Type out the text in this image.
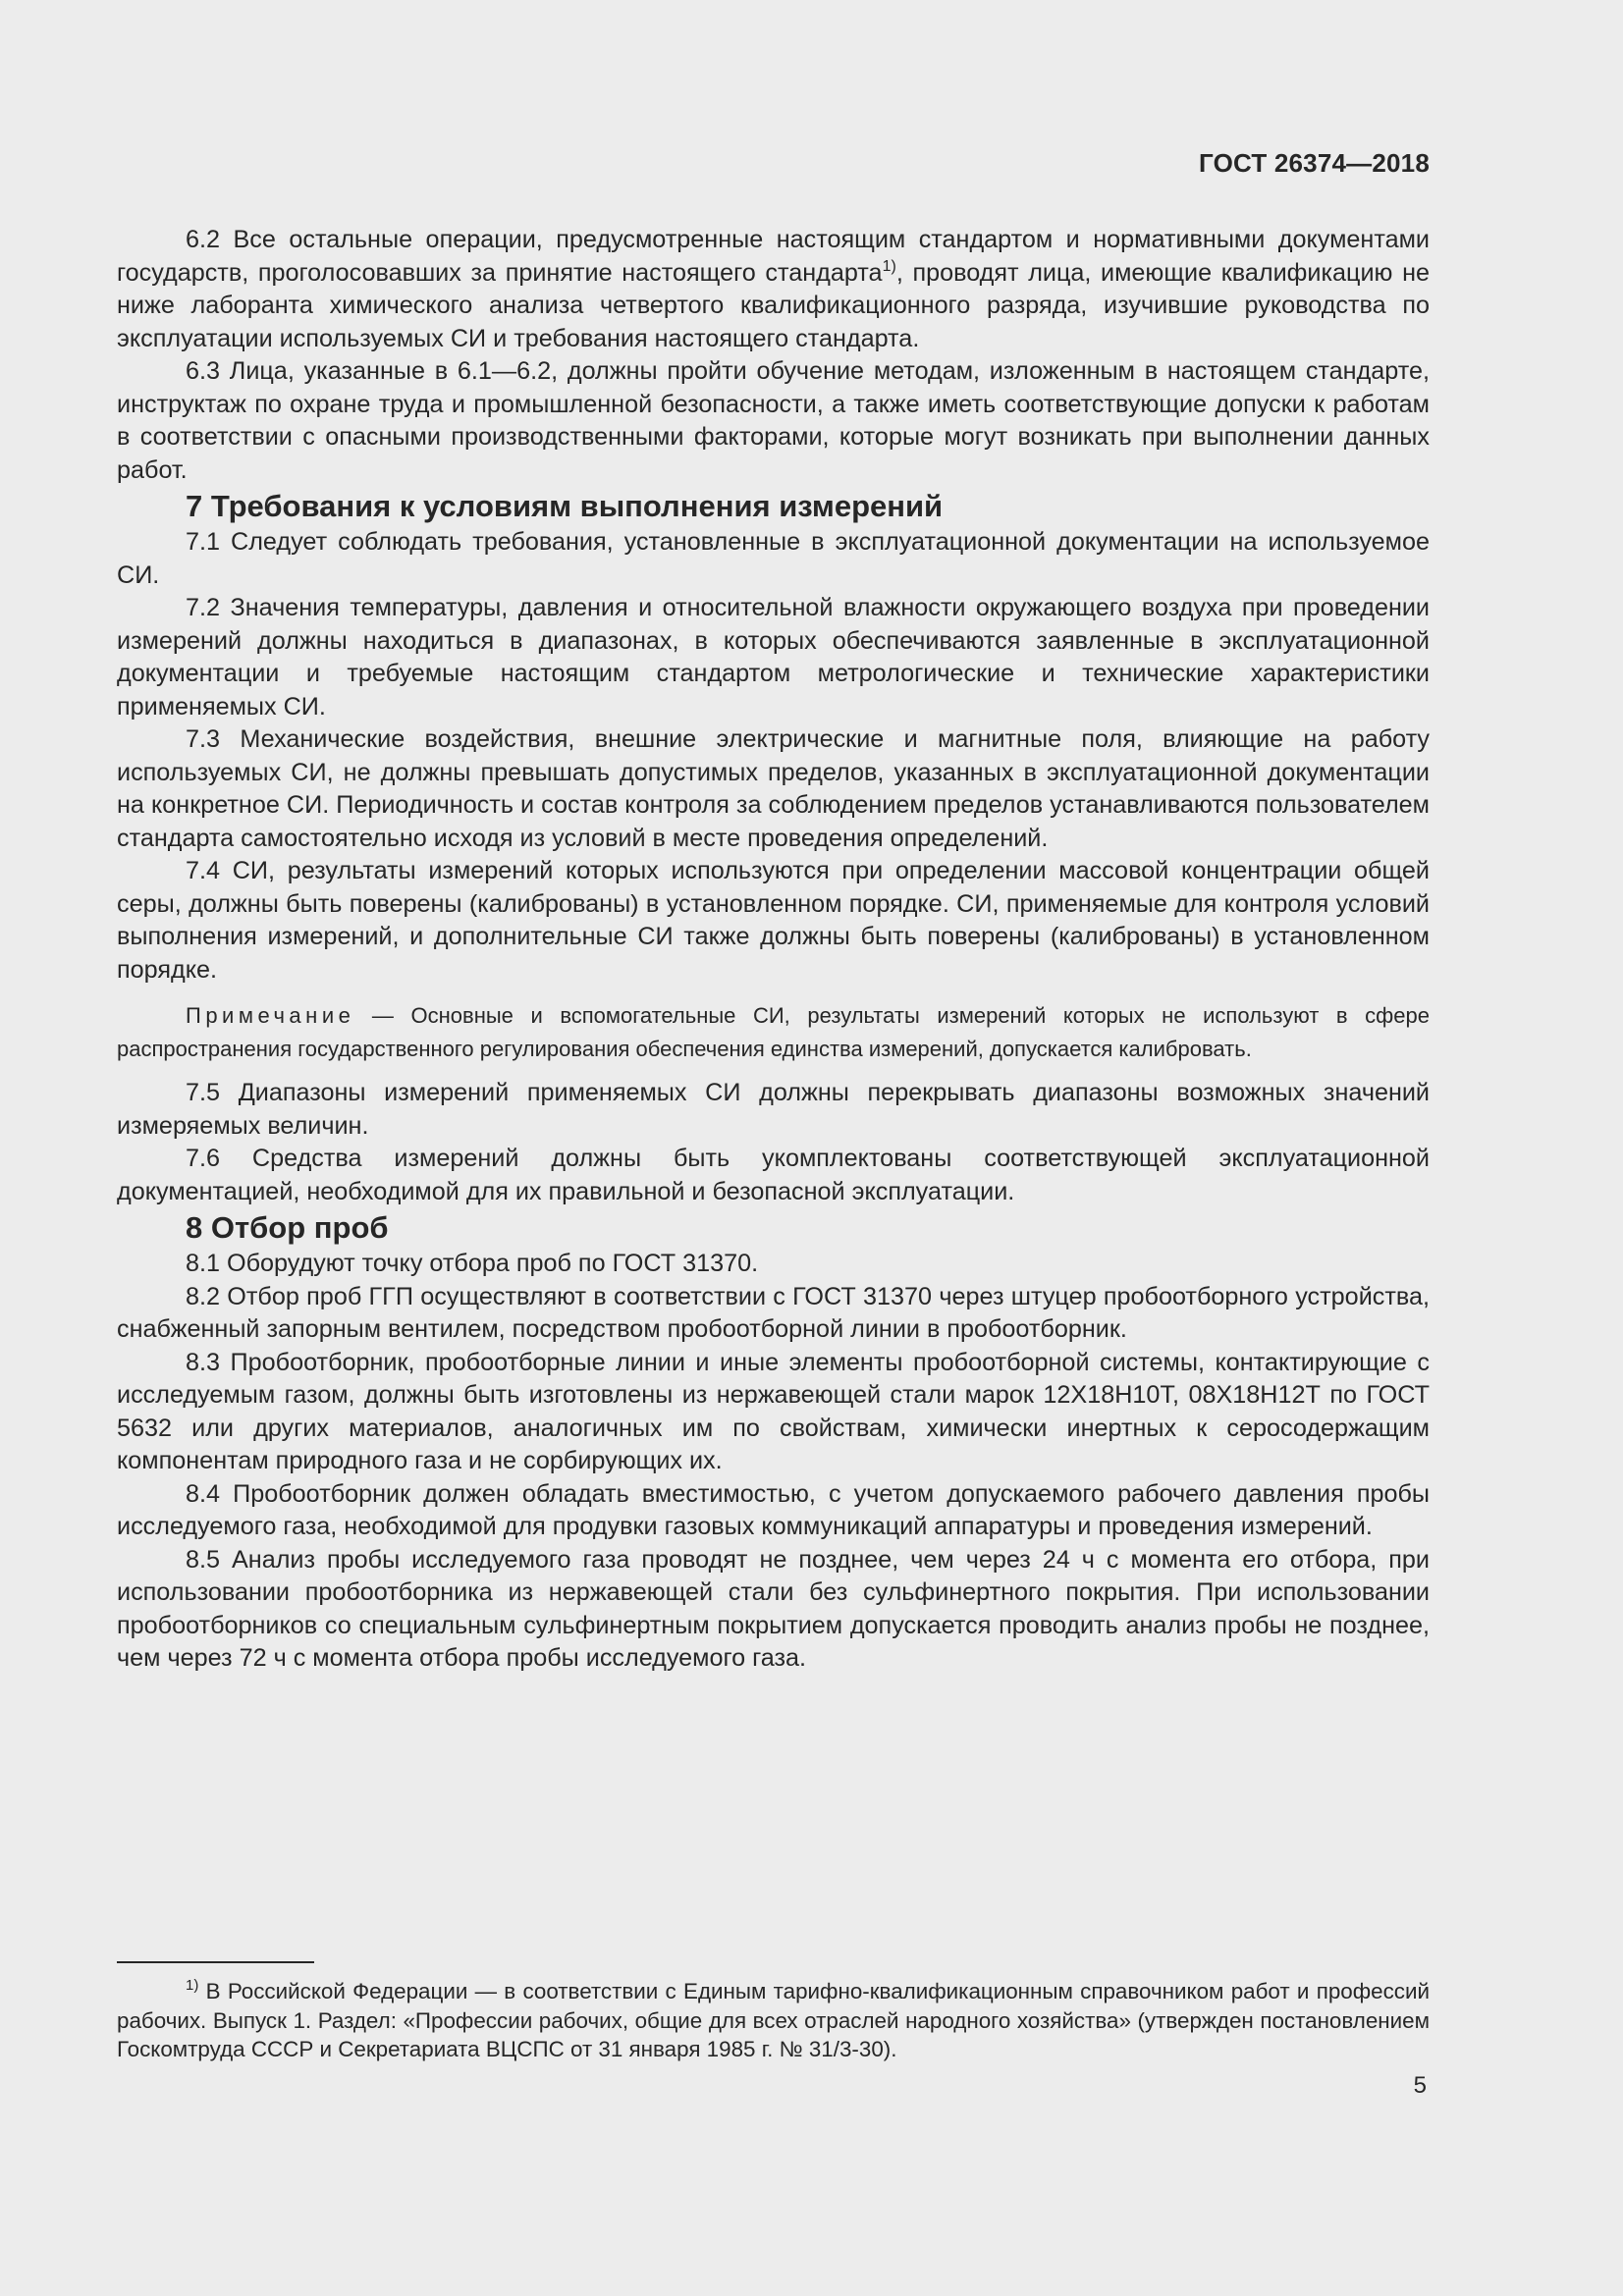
ГОСТ 26374—2018

6.2 Все остальные операции, предусмотренные настоящим стандартом и нормативными документами государств, проголосовавших за принятие настоящего стандарта$^{1)}$, проводят лица, имеющие квалификацию не ниже лаборанта химического анализа четвертого квалификационного разряда, изучившие руководства по эксплуатации используемых СИ и требования настоящего стандарта.

6.3 Лица, указанные в 6.1—6.2, должны пройти обучение методам, изложенным в настоящем стандарте, инструктаж по охране труда и промышленной безопасности, а также иметь соответствующие допуски к работам в соответствии с опасными производственными факторами, которые могут возникать при выполнении данных работ.

7 Требования к условиям выполнения измерений

7.1 Следует соблюдать требования, установленные в эксплуатационной документации на используемое СИ.

7.2 Значения температуры, давления и относительной влажности окружающего воздуха при проведении измерений должны находиться в диапазонах, в которых обеспечиваются заявленные в эксплуатационной документации и требуемые настоящим стандартом метрологические и технические характеристики применяемых СИ.

7.3 Механические воздействия, внешние электрические и магнитные поля, влияющие на работу используемых СИ, не должны превышать допустимых пределов, указанных в эксплуатационной документации на конкретное СИ. Периодичность и состав контроля за соблюдением пределов устанавливаются пользователем стандарта самостоятельно исходя из условий в месте проведения определений.

7.4 СИ, результаты измерений которых используются при определении массовой концентрации общей серы, должны быть поверены (калиброваны) в установленном порядке. СИ, применяемые для контроля условий выполнения измерений, и дополнительные СИ также должны быть поверены (калиброваны) в установленном порядке.

Примечание — Основные и вспомогательные СИ, результаты измерений которых не используют в сфере распространения государственного регулирования обеспечения единства измерений, допускается калибровать.

7.5 Диапазоны измерений применяемых СИ должны перекрывать диапазоны возможных значений измеряемых величин.

7.6 Средства измерений должны быть укомплектованы соответствующей эксплуатационной документацией, необходимой для их правильной и безопасной эксплуатации.

8 Отбор проб

8.1 Оборудуют точку отбора проб по ГОСТ 31370.

8.2 Отбор проб ГГП осуществляют в соответствии с ГОСТ 31370 через штуцер пробоотборного устройства, снабженный запорным вентилем, посредством пробоотборной линии в пробоотборник.

8.3 Пробоотборник, пробоотборные линии и иные элементы пробоотборной системы, контактирующие с исследуемым газом, должны быть изготовлены из нержавеющей стали марок 12Х18Н10Т, 08Х18Н12Т по ГОСТ 5632 или других материалов, аналогичных им по свойствам, химически инертных к серосодержащим компонентам природного газа и не сорбирующих их.

8.4 Пробоотборник должен обладать вместимостью, с учетом допускаемого рабочего давления пробы исследуемого газа, необходимой для продувки газовых коммуникаций аппаратуры и проведения измерений.

8.5 Анализ пробы исследуемого газа проводят не позднее, чем через 24 ч с момента его отбора, при использовании пробоотборника из нержавеющей стали без сульфинертного покрытия. При использовании пробоотборников со специальным сульфинертным покрытием допускается проводить анализ пробы не позднее, чем через 72 ч с момента отбора пробы исследуемого газа.

$^{1)}$ В Российской Федерации — в соответствии с Единым тарифно-квалификационным справочником работ и профессий рабочих. Выпуск 1. Раздел: «Профессии рабочих, общие для всех отраслей народного хозяйства» (утвержден постановлением Госкомтруда СССР и Секретариата ВЦСПС от 31 января 1985 г. № 31/3-30).

5
